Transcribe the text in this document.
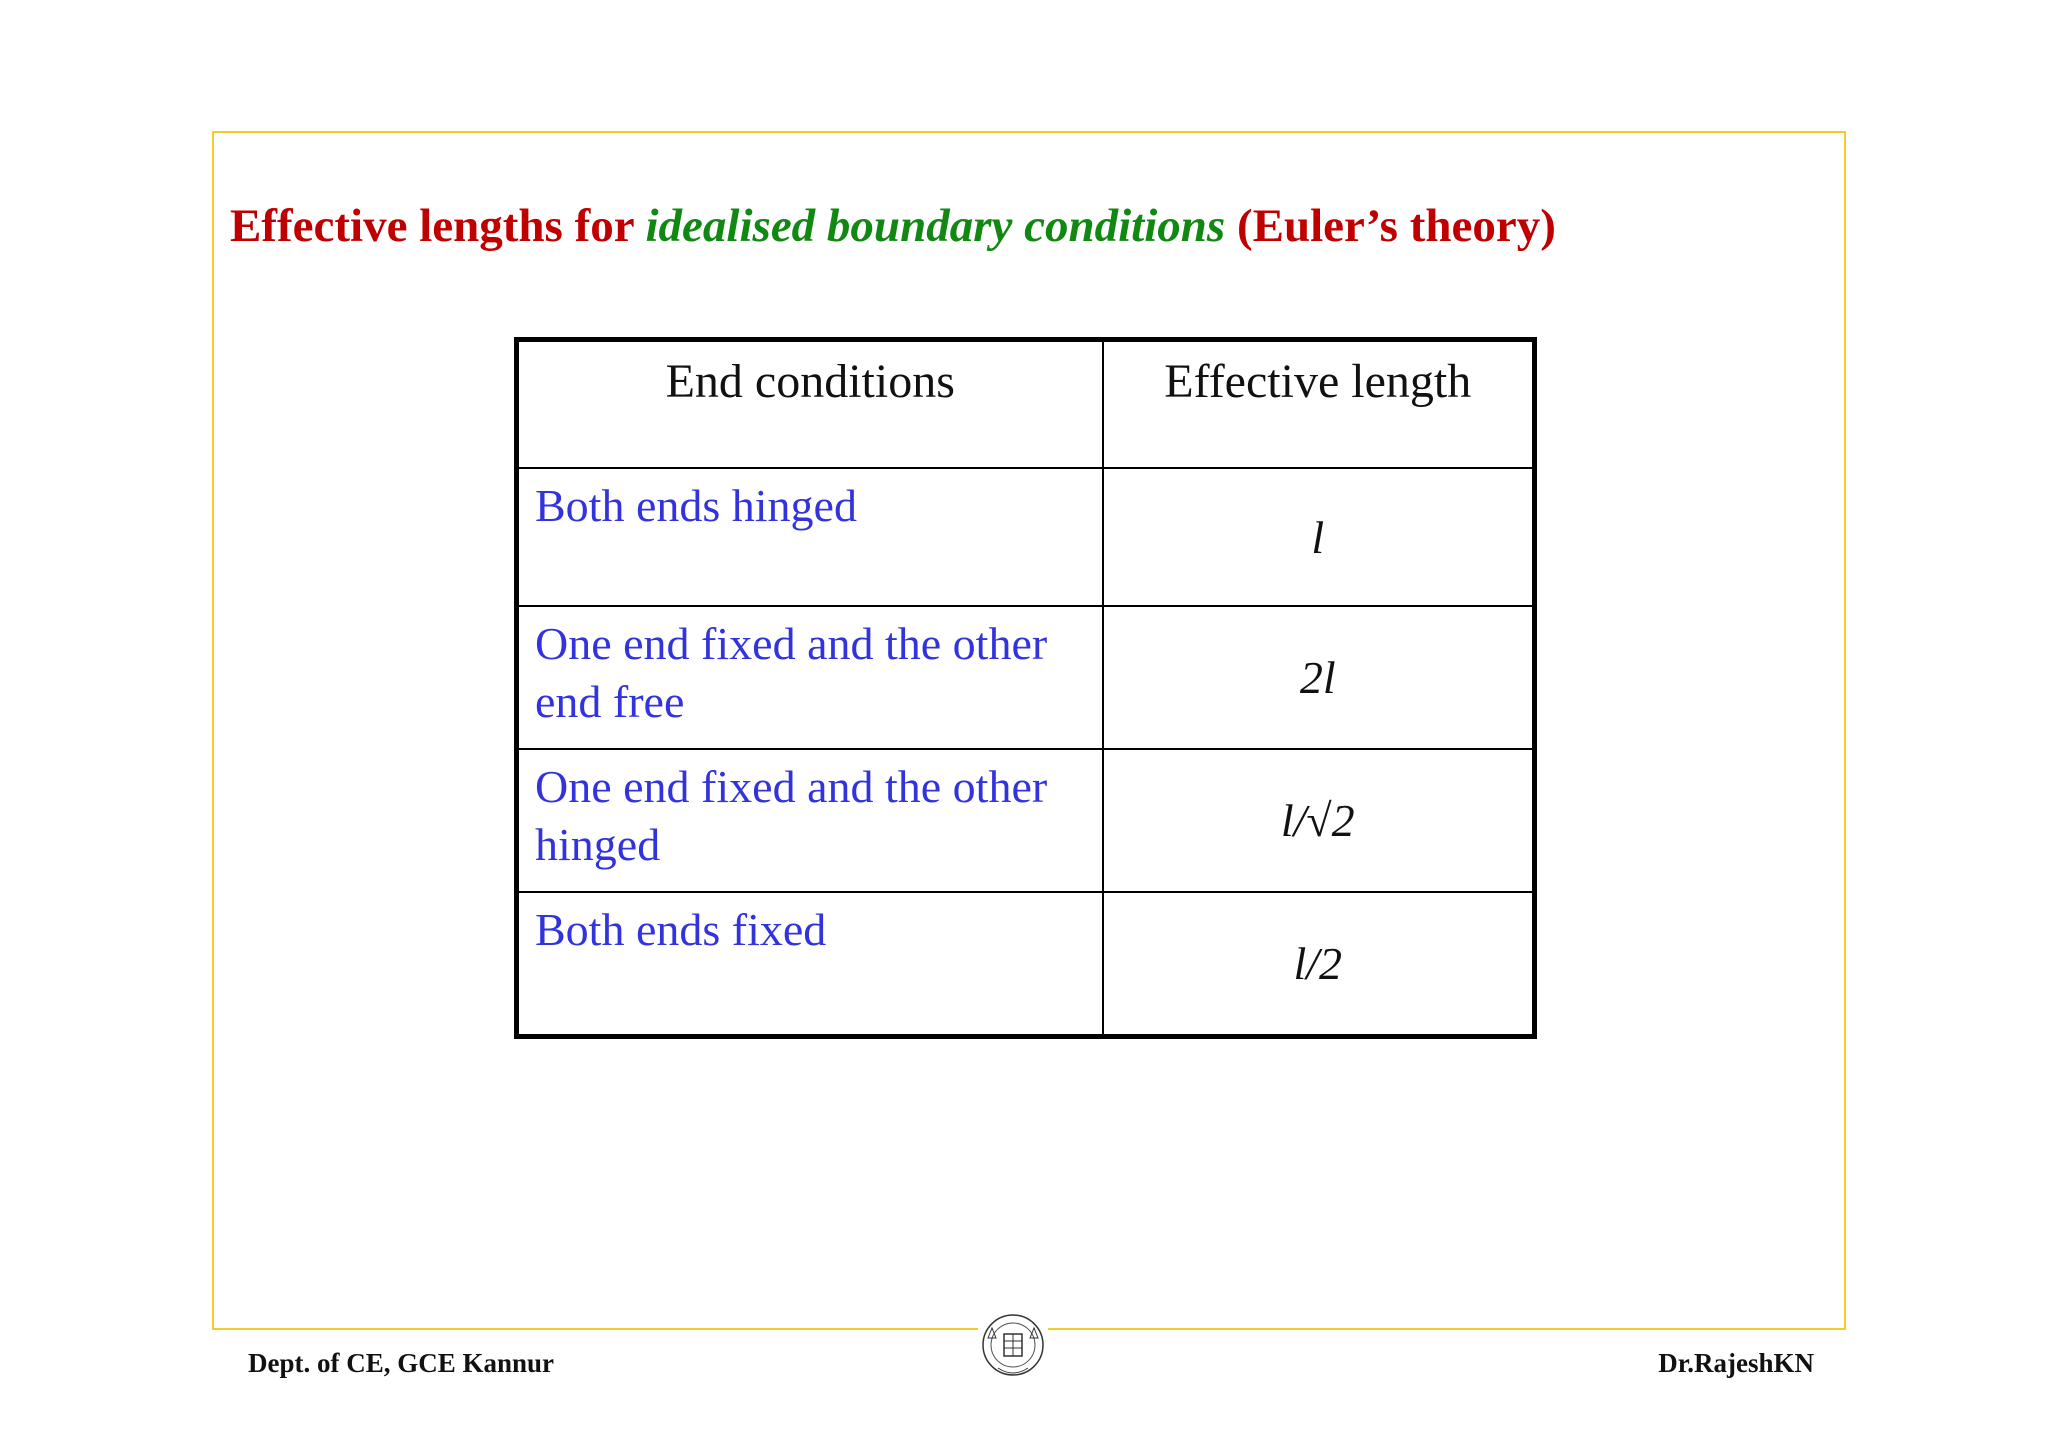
Effective lengths for idealised boundary conditions (Euler’s theory)
End conditions	Effective length
Both ends hinged	l
One end fixed and the other end free	2l
One end fixed and the other hinged	l/√2
Both ends fixed	l/2
Dept. of CE, GCE Kannur	Dr.RajeshKN
